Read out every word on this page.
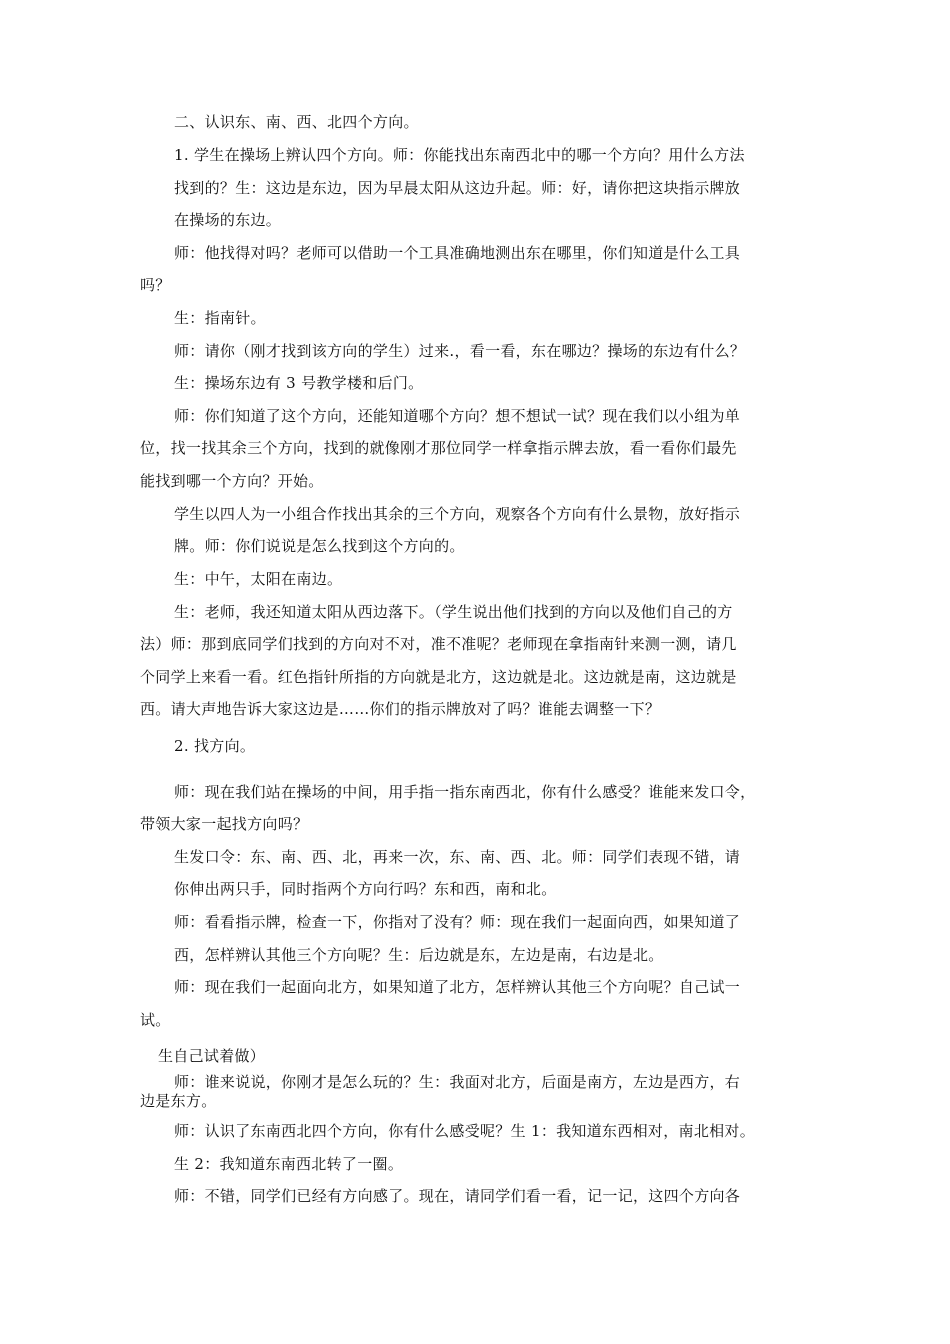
二、认识东、南、西、北四个方向。

1. 学生在操场上辨认四个方向。师：你能找出东南西北中的哪一个方向？用什么方法

找到的？生：这边是东边，因为早晨太阳从这边升起。师：好，请你把这块指示牌放

在操场的东边。

师：他找得对吗？老师可以借助一个工具准确地测出东在哪里，你们知道是什么工具

吗？

生：指南针。

师：请你（刚才找到该方向的学生）过来.，看一看，东在哪边？操场的东边有什么？

生：操场东边有 3 号教学楼和后门。

师：你们知道了这个方向，还能知道哪个方向？想不想试一试？现在我们以小组为单

位，找一找其余三个方向，找到的就像刚才那位同学一样拿指示牌去放，看一看你们最先

能找到哪一个方向？开始。

学生以四人为一小组合作找出其余的三个方向，观察各个方向有什么景物，放好指示

牌。师：你们说说是怎么找到这个方向的。

生：中午，太阳在南边。

生：老师，我还知道太阳从西边落下。（学生说出他们找到的方向以及他们自己的方

法）师：那到底同学们找到的方向对不对，准不准呢？老师现在拿指南针来测一测，请几

个同学上来看一看。红色指针所指的方向就是北方，这边就是北。这边就是南，这边就是

西。请大声地告诉大家这边是……你们的指示牌放对了吗？谁能去调整一下？

2. 找方向。

师：现在我们站在操场的中间，用手指一指东南西北，你有什么感受？谁能来发口令，

带领大家一起找方向吗？

生发口令：东、南、西、北，再来一次，东、南、西、北。师：同学们表现不错，请

你伸出两只手，同时指两个方向行吗？东和西，南和北。

师：看看指示牌，检查一下，你指对了没有？师：现在我们一起面向西，如果知道了

西，怎样辨认其他三个方向呢？生：后边就是东，左边是南，右边是北。

师：现在我们一起面向北方，如果知道了北方，怎样辨认其他三个方向呢？自己试一

试。

生自己试着做）

师：谁来说说，你刚才是怎么玩的？生：我面对北方，后面是南方，左边是西方，右

边是东方。

师：认识了东南西北四个方向，你有什么感受呢？生 1：我知道东西相对，南北相对。

生 2：我知道东南西北转了一圈。

师：不错，同学们已经有方向感了。现在，请同学们看一看，记一记，这四个方向各
